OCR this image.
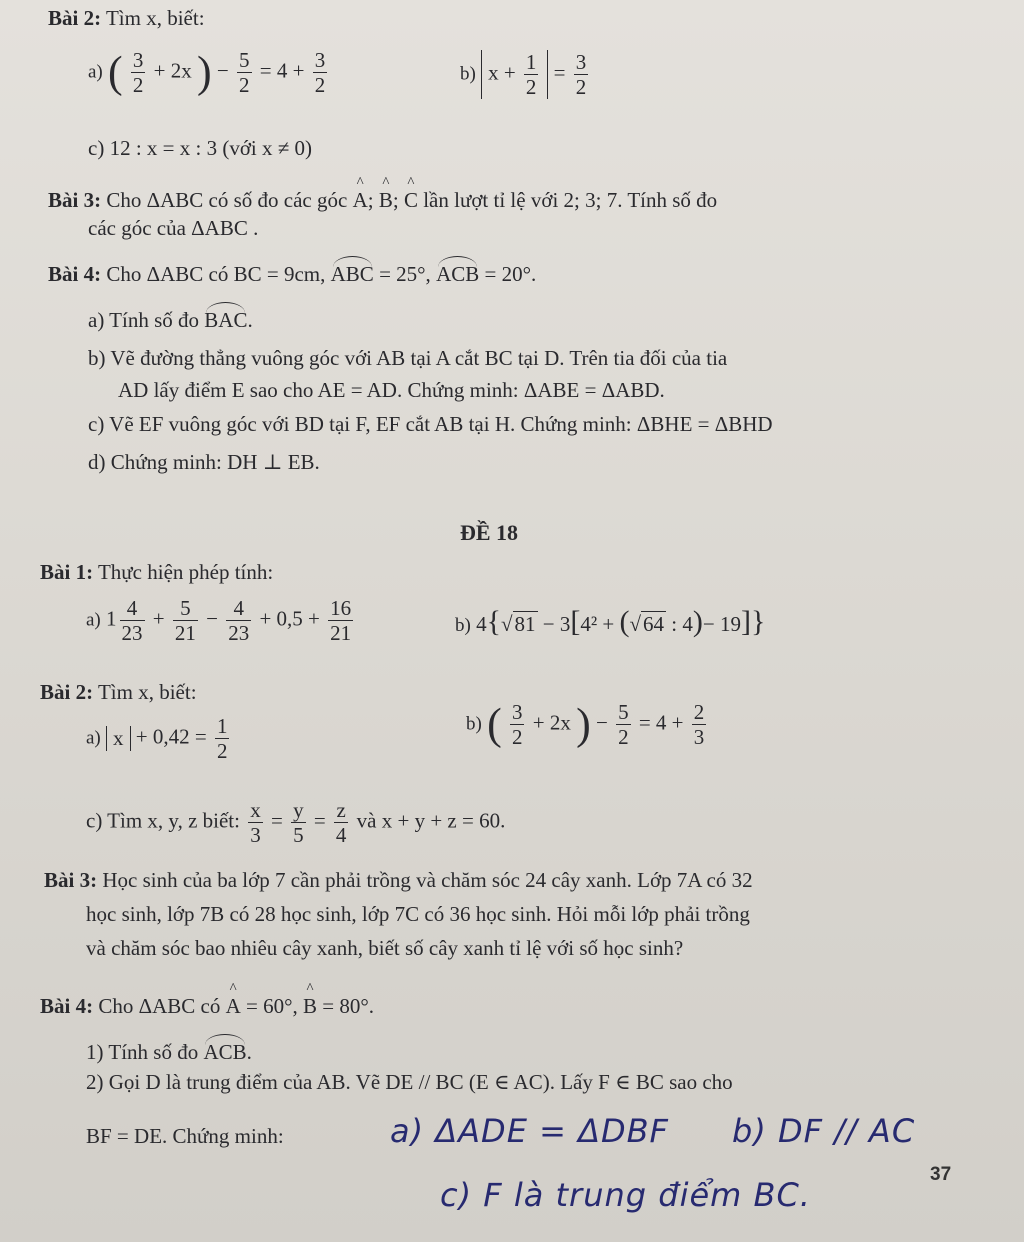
Bài 2: Tìm x, biết:
a) ( $\frac{3}{2} + 2x$ ) − $\frac{5}{2} = 4 + \frac{3}{2}$	b) $x + \frac{1}{2} = \frac{3}{2}$
c) 12 : x = x : 3 (với x ≠ 0)
Bài 3: Cho ΔABC có số đo các góc ^ A; ^ B; ^ C lần lượt tỉ lệ với 2; 3; 7. Tính số đo
các góc của ΔABC .
Bài 4: Cho ΔABC có BC = 9cm, ABC = 25°, ACB = 20°.
a) Tính số đo BAC.
b) Vẽ đường thẳng vuông góc với AB tại A cắt BC tại D. Trên tia đối của tia
AD lấy điểm E sao cho AE = AD. Chứng minh: ΔABE = ΔABD.
c) Vẽ EF vuông góc với BD tại F, EF cắt AB tại H. Chứng minh: ΔBHE = ΔBHD
d) Chứng minh: DH ⊥ EB.
ĐỀ 18
Bài 1: Thực hiện phép tính:
a) $1 \frac{4}{23} + \frac{5}{21} - \frac{4}{23} + 0,5 + \frac{16}{21}$	b) 4{√81 − 3[4² + (√64 : 4)− 19]}
Bài 2: Tìm x, biết:
a) $x + 0,42 = \frac{1}{2}$	b) ( $\frac{3}{2} + 2x$ ) − $\frac{5}{2} = 4 + \frac{2}{3}$
c) Tìm x, y, z biết: $\frac{x}{3} = \frac{y}{5} = \frac{z}{4}$ và x + y + z = 60.
Bài 3: Học sinh của ba lớp 7 cần phải trồng và chăm sóc 24 cây xanh. Lớp 7A có 32
học sinh, lớp 7B có 28 học sinh, lớp 7C có 36 học sinh. Hỏi mỗi lớp phải trồng
và chăm sóc bao nhiêu cây xanh, biết số cây xanh tỉ lệ với số học sinh?
Bài 4: Cho ΔABC có ^ A = 60°, ^ B = 80°.
1) Tính số đo ACB.
2) Gọi D là trung điểm của AB. Vẽ DE // BC (E ∈ AC). Lấy F ∈ BC sao cho
BF = DE. Chứng minh:	a) ΔADE = ΔDBF b) DF // AC
c) F là trung điểm BC.
37
